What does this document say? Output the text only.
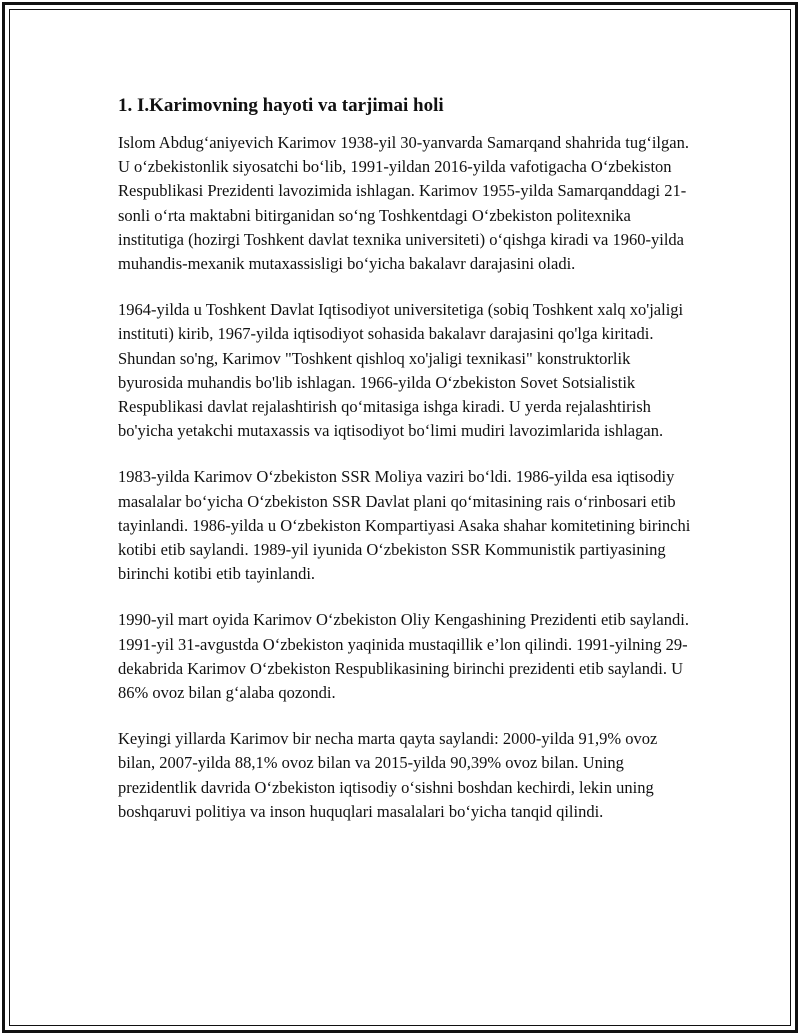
1. I.Karimovning hayoti va tarjimai holi

Islom Abdug‘aniyevich Karimov 1938-yil 30-yanvarda Samarqand shahrida tug‘ilgan. U o‘zbekistonlik siyosatchi bo‘lib, 1991-yildan 2016-yilda vafotigacha O‘zbekiston Respublikasi Prezidenti lavozimida ishlagan. Karimov 1955-yilda Samarqanddagi 21-sonli o‘rta maktabni bitirganidan so‘ng Toshkentdagi O‘zbekiston politexnika institutiga (hozirgi Toshkent davlat texnika universiteti) o‘qishga kiradi va 1960-yilda muhandis-mexanik mutaxassisligi bo‘yicha bakalavr darajasini oladi.

1964-yilda u Toshkent Davlat Iqtisodiyot universitetiga (sobiq Toshkent xalq xo'jaligi instituti) kirib, 1967-yilda iqtisodiyot sohasida bakalavr darajasini qo'lga kiritadi. Shundan so'ng, Karimov "Toshkent qishloq xo'jaligi texnikasi" konstruktorlik byurosida muhandis bo'lib ishlagan. 1966-yilda O‘zbekiston Sovet Sotsialistik Respublikasi davlat rejalashtirish qo‘mitasiga ishga kiradi. U yerda rejalashtirish bo'yicha yetakchi mutaxassis va iqtisodiyot bo‘limi mudiri lavozimlarida ishlagan.

1983-yilda Karimov O‘zbekiston SSR Moliya vaziri bo‘ldi. 1986-yilda esa iqtisodiy masalalar bo‘yicha O‘zbekiston SSR Davlat plani qo‘mitasining rais o‘rinbosari etib tayinlandi. 1986-yilda u O‘zbekiston Kompartiyasi Asaka shahar komitetining birinchi kotibi etib saylandi. 1989-yil iyunida O‘zbekiston SSR Kommunistik partiyasining birinchi kotibi etib tayinlandi.

1990-yil mart oyida Karimov O‘zbekiston Oliy Kengashining Prezidenti etib saylandi. 1991-yil 31-avgustda O‘zbekiston yaqinida mustaqillik e’lon qilindi. 1991-yilning 29-dekabrida Karimov O‘zbekiston Respublikasining birinchi prezidenti etib saylandi. U 86% ovoz bilan g‘alaba qozondi.

Keyingi yillarda Karimov bir necha marta qayta saylandi: 2000-yilda 91,9% ovoz bilan, 2007-yilda 88,1% ovoz bilan va 2015-yilda 90,39% ovoz bilan. Uning prezidentlik davrida O‘zbekiston iqtisodiy o‘sishni boshdan kechirdi, lekin uning boshqaruvi politiya va inson huquqlari masalalari bo‘yicha tanqid qilindi.
